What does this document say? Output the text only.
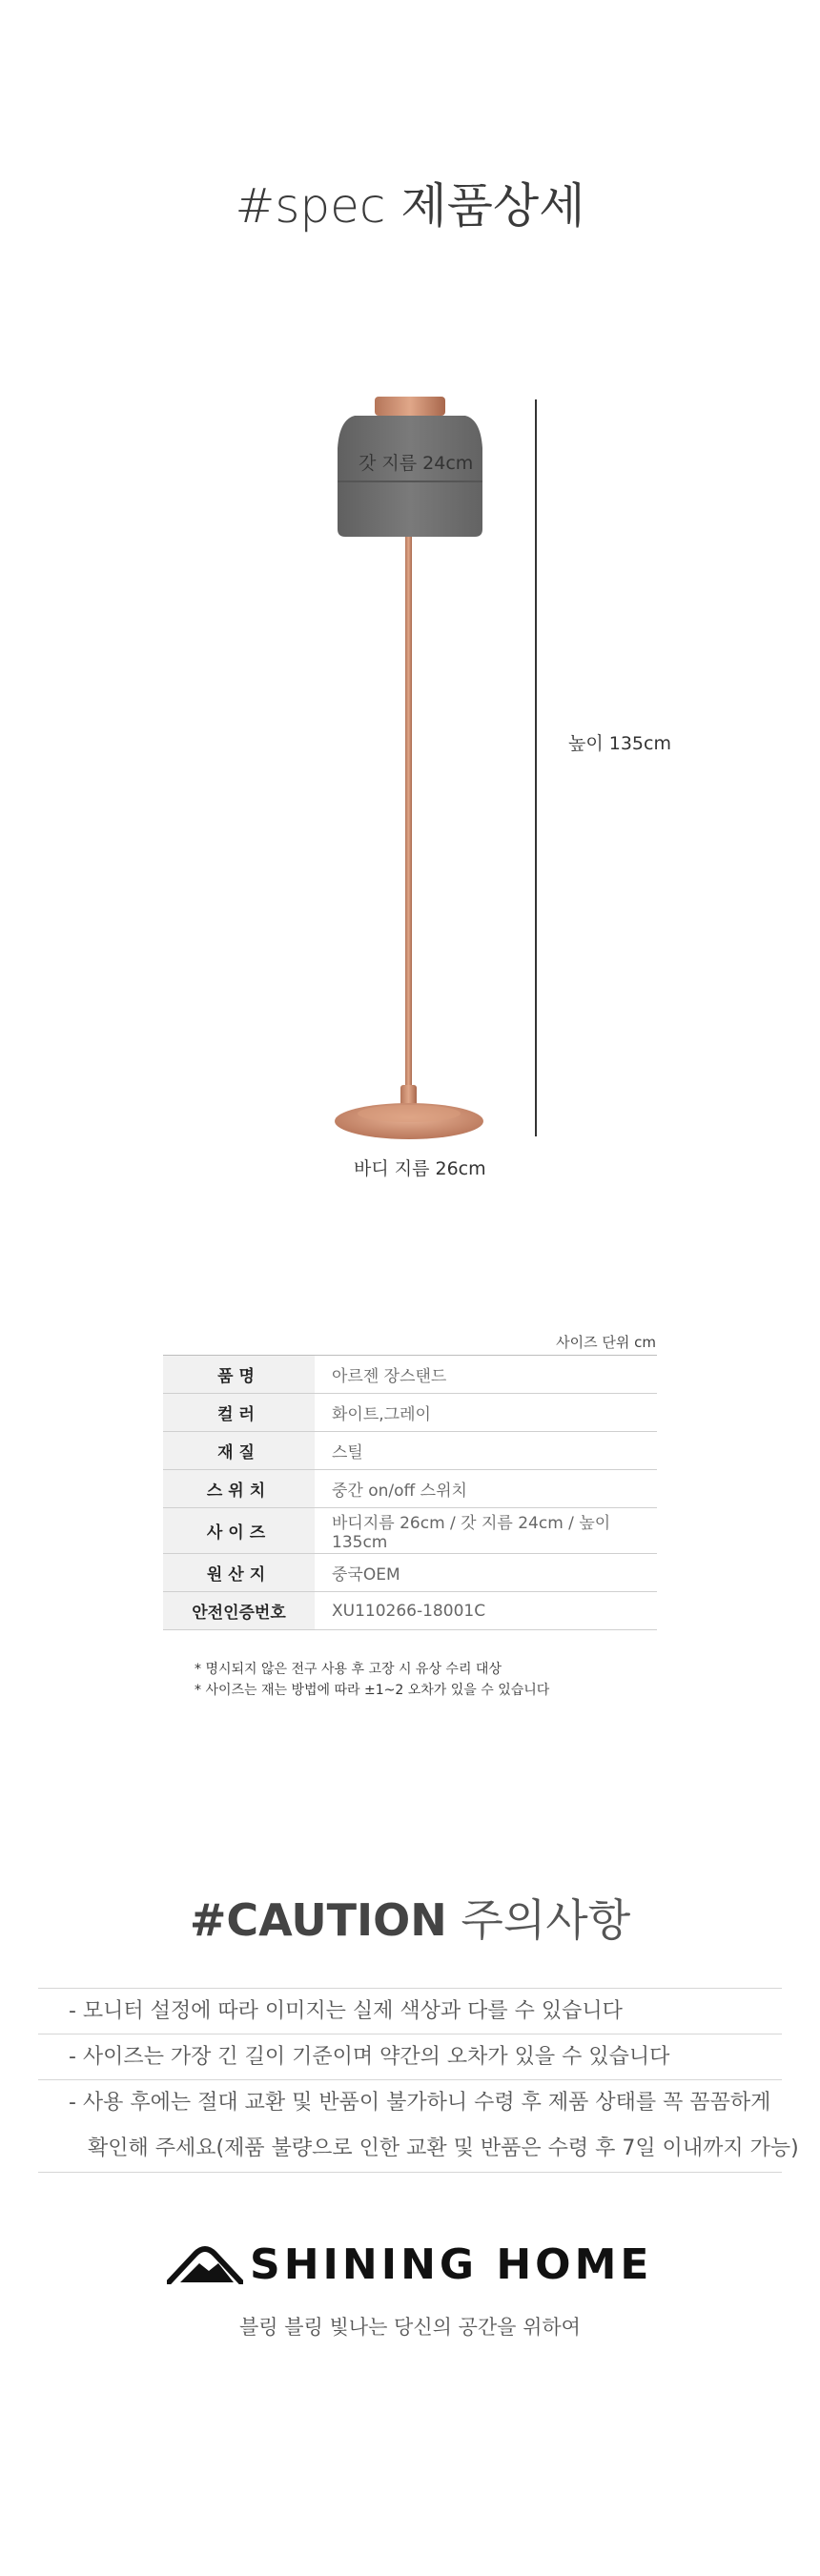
#spec 제품상세
갓 지름 24cm
높이 135cm
바디 지름 26cm
사이즈 단위 cm
품명	아르젠 장스탠드
컬러	화이트,그레이
재질	스틸
스위치	중간 on/off 스위치
사이즈	바디지름 26cm / 갓 지름 24cm / 높이135cm
원산지	중국OEM
안전인증번호	XU110266-18001C
* 명시되지 않은 전구 사용 후 고장 시 유상 수리 대상
* 사이즈는 재는 방법에 따라 ±1~2 오차가 있을 수 있습니다
#CAUTION 주의사항
- 모니터 설정에 따라 이미지는 실제 색상과 다를 수 있습니다
- 사이즈는 가장 긴 길이 기준이며 약간의 오차가 있을 수 있습니다
- 사용 후에는 절대 교환 및 반품이 불가하니 수령 후 제품 상태를 꼭 꼼꼼하게
확인해 주세요(제품 불량으로 인한 교환 및 반품은 수령 후 7일 이내까지 가능)
SHINING HOME
블링 블링 빛나는 당신의 공간을 위하여
